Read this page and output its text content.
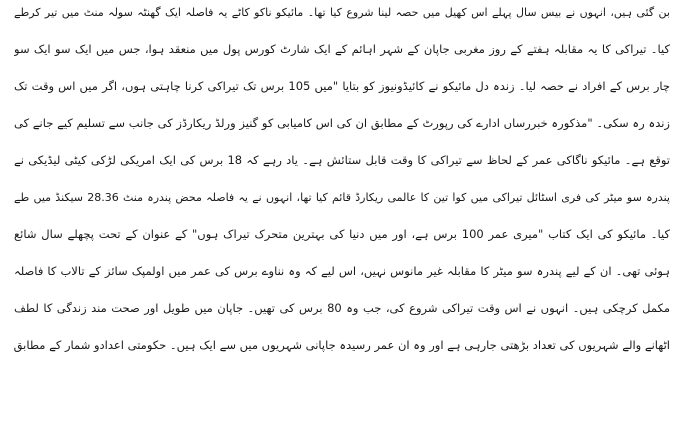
بن گئی ہیں، انہوں نے بیس سال پہلے اس کھیل میں حصہ لینا شروع کیا تھا۔ مائیکو ناکو کاٹے یہ فاصلہ ایک گھنٹہ سولہ منٹ میں تیر کرطے
کیا۔ تیراکی کا یہ مقابلہ ہفتے کے روز مغربی جاپان کے شہر اہائم کے ایک شارٹ کورس پول میں منعقد ہوا، جس میں ایک سو ایک سو
چار برس کے افراد نے حصہ لیا۔ زندہ دل مائیکو نے کائیڈونیوز کو بتایا "میں 105 برس تک تیراکی کرنا چاہتی ہوں، اگر میں اس وقت تک
زندہ رہ سکی۔ "مذکورہ خبررساں ادارے کی رپورٹ کے مطابق ان کی اس کامیابی کو گنیز ورلڈ ریکارڈز کی جانب سے تسلیم کیے جانے کی
توقع ہے۔ مائیکو ناگاکی عمر کے لحاظ سے تیراکی کا وقت قابل ستائش ہے۔ یاد رہے کہ 18 برس کی ایک امریکی لڑکی کیٹی لیڈیکی نے
پندرہ سو میٹر کی فری اسٹائل تیراکی میں کوا تین کا عالمی ریکارڈ قائم کیا تھا، انہوں نے یہ فاصلہ محض پندرہ منٹ 28.36 سیکنڈ میں طے
کیا۔ مائیکو کی ایک کتاب "میری عمر 100 برس ہے، اور میں دنیا کی بہترین متحرک تیراک ہوں" کے عنوان کے تحت پچھلے سال شائع
ہوئی تھی۔ ان کے لیے پندرہ سو میٹر کا مقابلہ غیر مانوس نہیں، اس لیے کہ وہ نناوے برس کی عمر میں اولمپک سائز کے تالاب کا فاصلہ
مکمل کرچکی ہیں۔ انہوں نے اس وقت تیراکی شروع کی، جب وہ 80 برس کی تھیں۔ جاپان میں طویل اور صحت مند زندگی کا لطف
اٹھانے والے شہریوں کی تعداد بڑھتی جارہی ہے اور وہ ان عمر رسیدہ جاپانی شہریوں میں سے ایک ہیں۔ حکومتی اعدادو شمار کے مطابق
